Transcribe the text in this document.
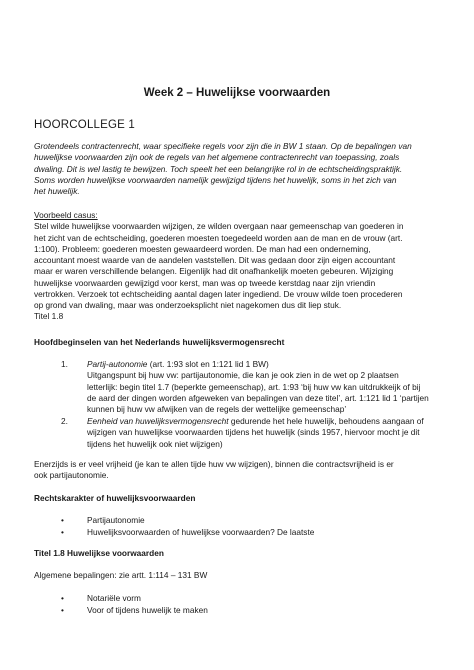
Week 2 – Huwelijkse voorwaarden
HOORCOLLEGE 1
Grotendeels contractenrecht, waar specifieke regels voor zijn die in BW 1 staan. Op de bepalingen van
huwelijkse voorwaarden zijn ook de regels van het algemene contractenrecht van toepassing, zoals
dwaling. Dit is wel lastig te bewijzen. Toch speelt het een belangrijke rol in de echtscheidingspraktijk.
Soms worden huwelijkse voorwaarden namelijk gewijzigd tijdens het huwelijk, soms in het zich van
het huwelijk.
Voorbeeld casus:
Stel wilde huwelijkse voorwaarden wijzigen, ze wilden overgaan naar gemeenschap van goederen in
het zicht van de echtscheiding, goederen moesten toegedeeld worden aan de man en de vrouw (art.
1:100). Probleem: goederen moesten gewaardeerd worden. De man had een onderneming,
accountant moest waarde van de aandelen vaststellen. Dit was gedaan door zijn eigen accountant
maar er waren verschillende belangen. Eigenlijk had dit onafhankelijk moeten gebeuren. Wijziging
huwelijkse voorwaarden gewijzigd voor kerst, man was op tweede kerstdag naar zijn vriendin
vertrokken. Verzoek tot echtscheiding aantal dagen later ingediend. De vrouw wilde toen procederen
op grond van dwaling, maar was onderzoeksplicht niet nagekomen dus dit liep stuk.
Titel 1.8
Hoofdbeginselen van het Nederlands huwelijksvermogensrecht
1. Partij-autonomie (art. 1:93 slot en 1:121 lid 1 BW)
Uitgangspunt bij huw vw: partijautonomie, die kan je ook zien in de wet op 2 plaatsen
letterlijk: begin titel 1.7 (beperkte gemeenschap), art. 1:93 ‘bij huw vw kan uitdrukkeijk of bij
de aard der dingen worden afgeweken van bepalingen van deze titel’, art. 1:121 lid 1 ‘partijen
kunnen bij huw vw afwijken van de regels der wettelijke gemeenschap’
2. Eenheid van huwelijksvermogensrecht gedurende het hele huwelijk, behoudens aangaan of
wijzigen van huwelijkse voorwaarden tijdens het huwelijk (sinds 1957, hiervoor mocht je dit
tijdens het huwelijk ook niet wijzigen)
Enerzijds is er veel vrijheid (je kan te allen tijde huw vw wijzigen), binnen die contractsvrijheid is er
ook partijautonomie.
Rechtskarakter of huwelijksvoorwaarden
•	Partijautonomie
•	Huwelijksvoorwaarden of huwelijkse voorwaarden? De laatste
Titel 1.8 Huwelijkse voorwaarden
Algemene bepalingen: zie artt. 1:114 – 131 BW
•	Notariële vorm
•	Voor of tijdens huwelijk te maken
